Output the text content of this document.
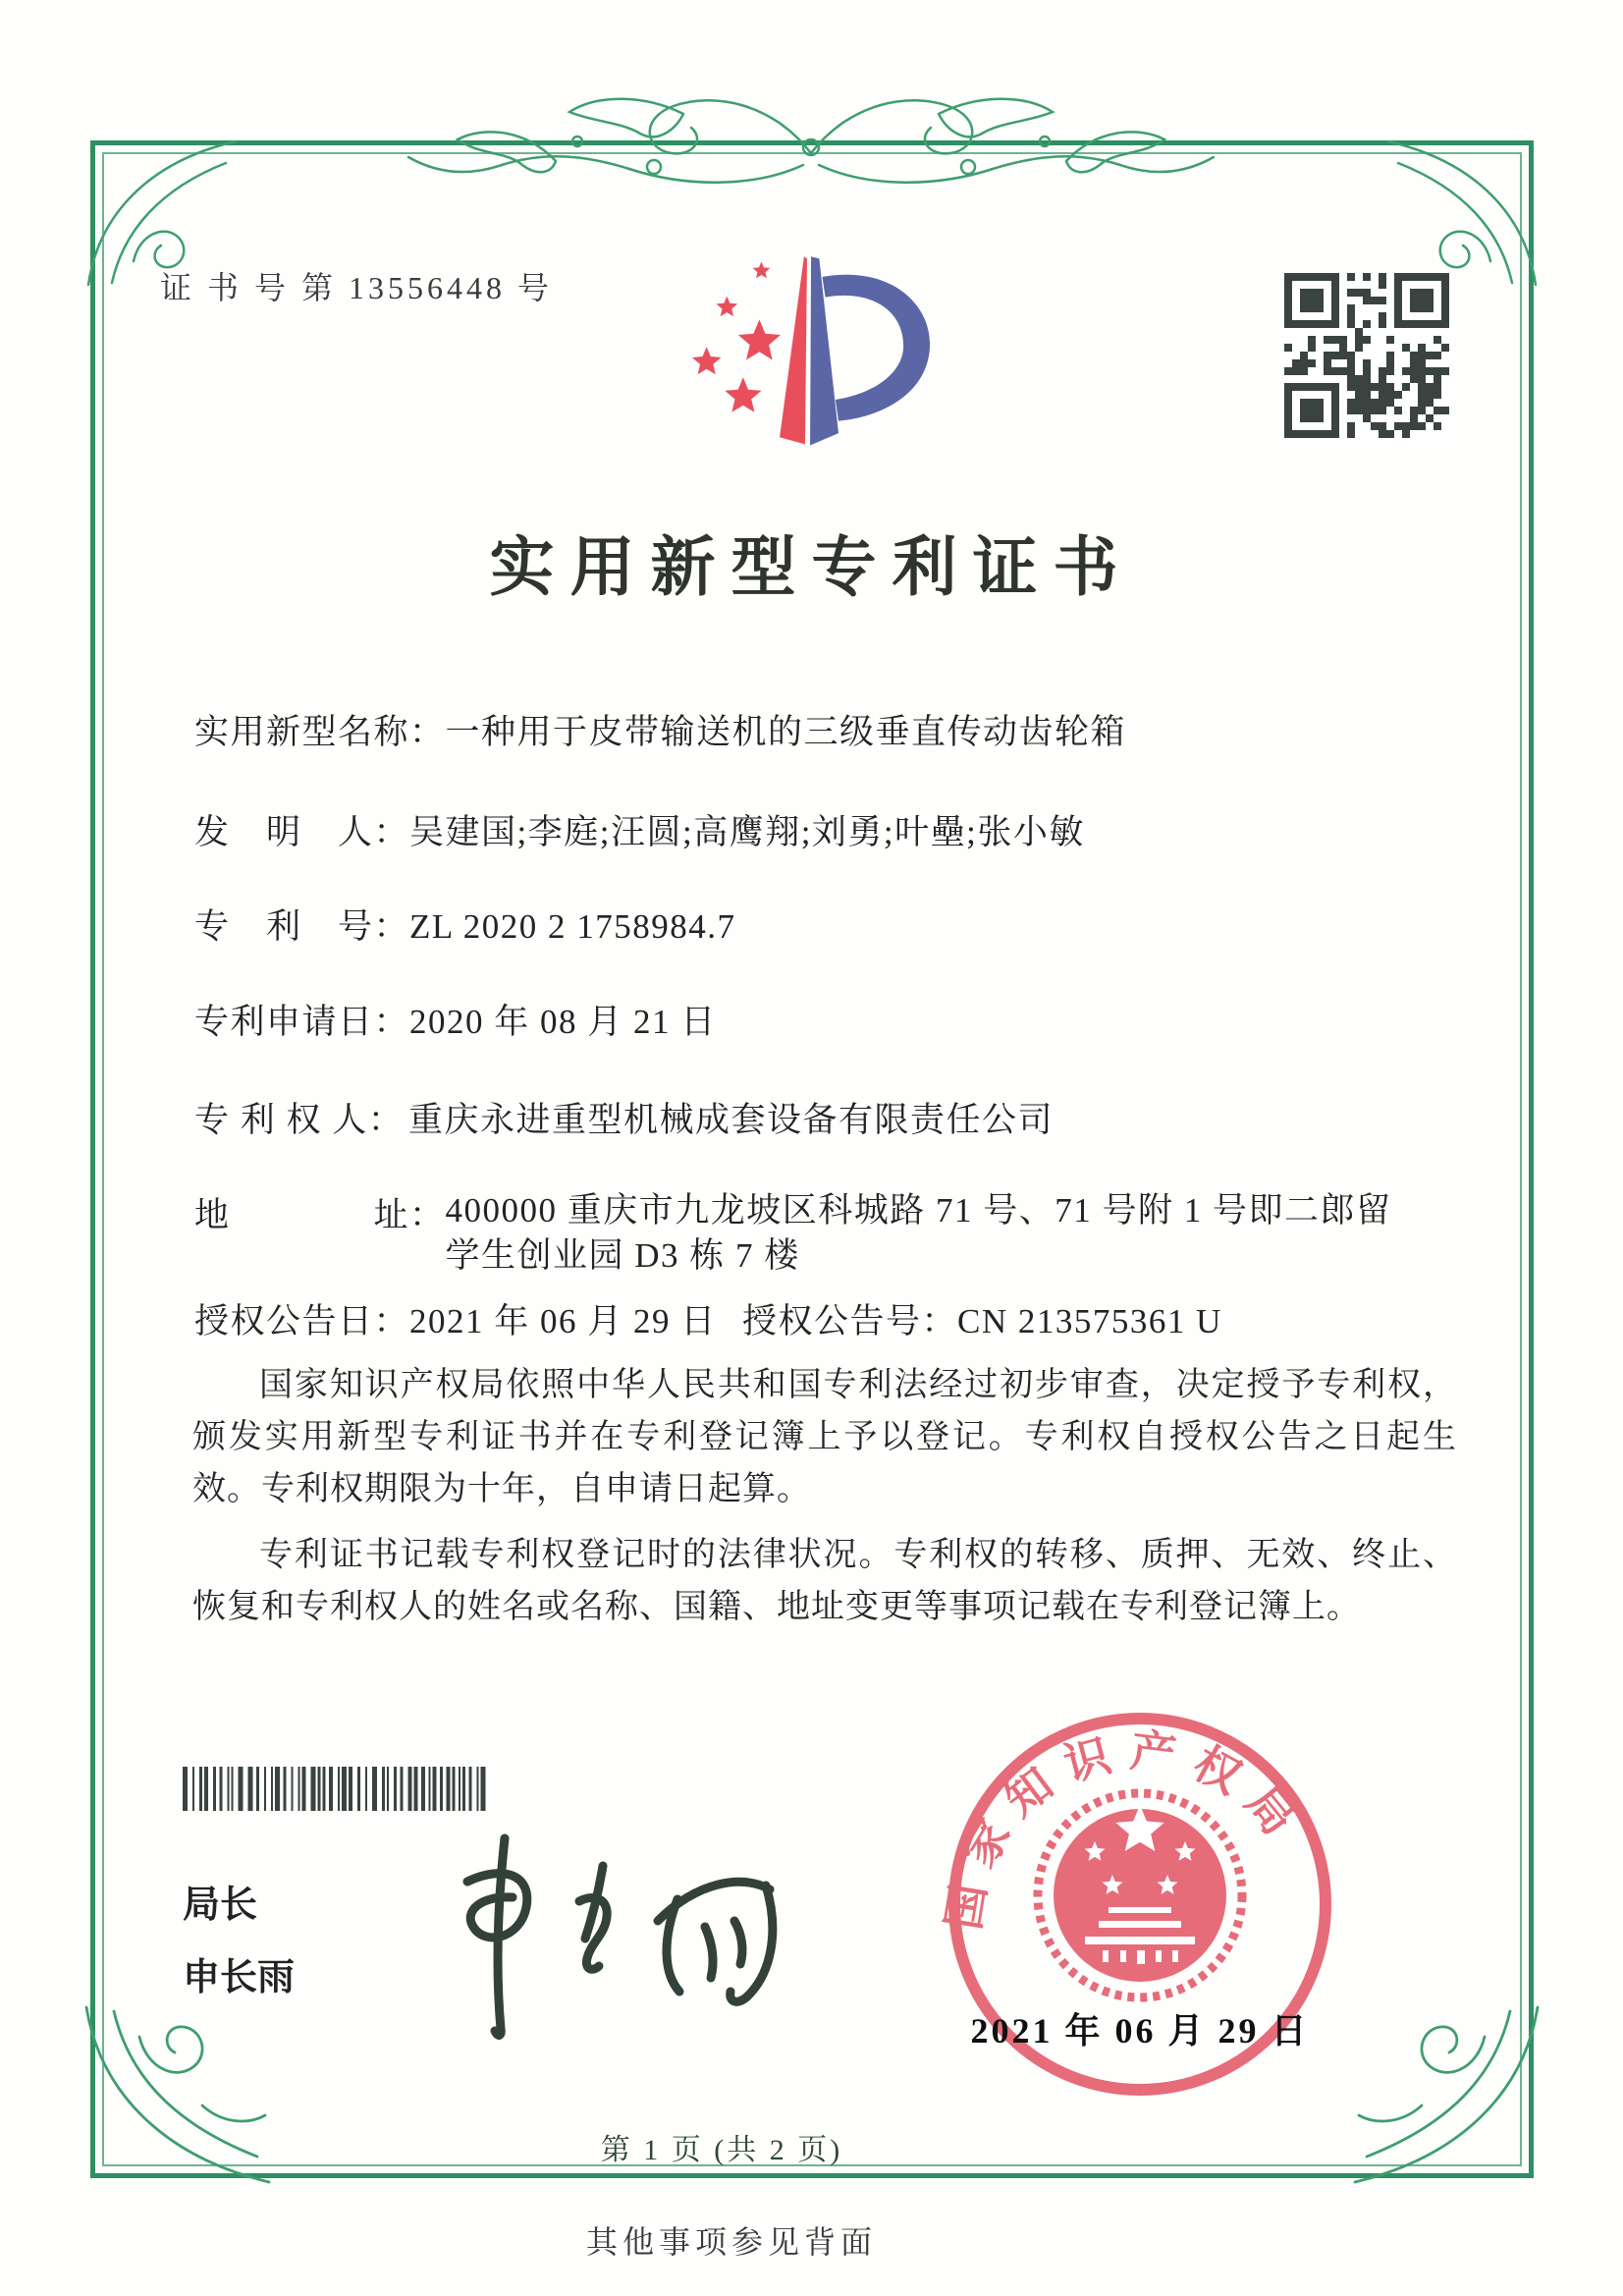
证 书 号 第 13556448 号
实用新型专利证书
实用新型名称：一种用于皮带输送机的三级垂直传动齿轮箱
发　明　人：吴建国;李庭;汪圆;高鹰翔;刘勇;叶壘;张小敏
专　利　号：ZL 2020 2 1758984.7
专利申请日：2020 年 08 月 21 日
专 利 权 人： 重庆永进重型机械成套设备有限责任公司
地　　　　址： 400000 重庆市九龙坡区科城路 71 号、71 号附 1 号即二郎留
学生创业园 D3 栋 7 楼
授权公告日：2021 年 06 月 29 日 授权公告号：CN 213575361 U

国家知识产权局依照中华人民共和国专利法经过初步审查，决定授予专利权，颁发实用新型专利证书并在专利登记簿上予以登记。专利权自授权公告之日起生效。专利权期限为十年，自申请日起算。

专利证书记载专利权登记时的法律状况。专利权的转移、质押、无效、终止、恢复和专利权人的姓名或名称、国籍、地址变更等事项记载在专利登记簿上。

局长
申长雨
国家知识产权局
2021 年 06 月 29 日
第 1 页 (共 2 页)
其他事项参见背面
